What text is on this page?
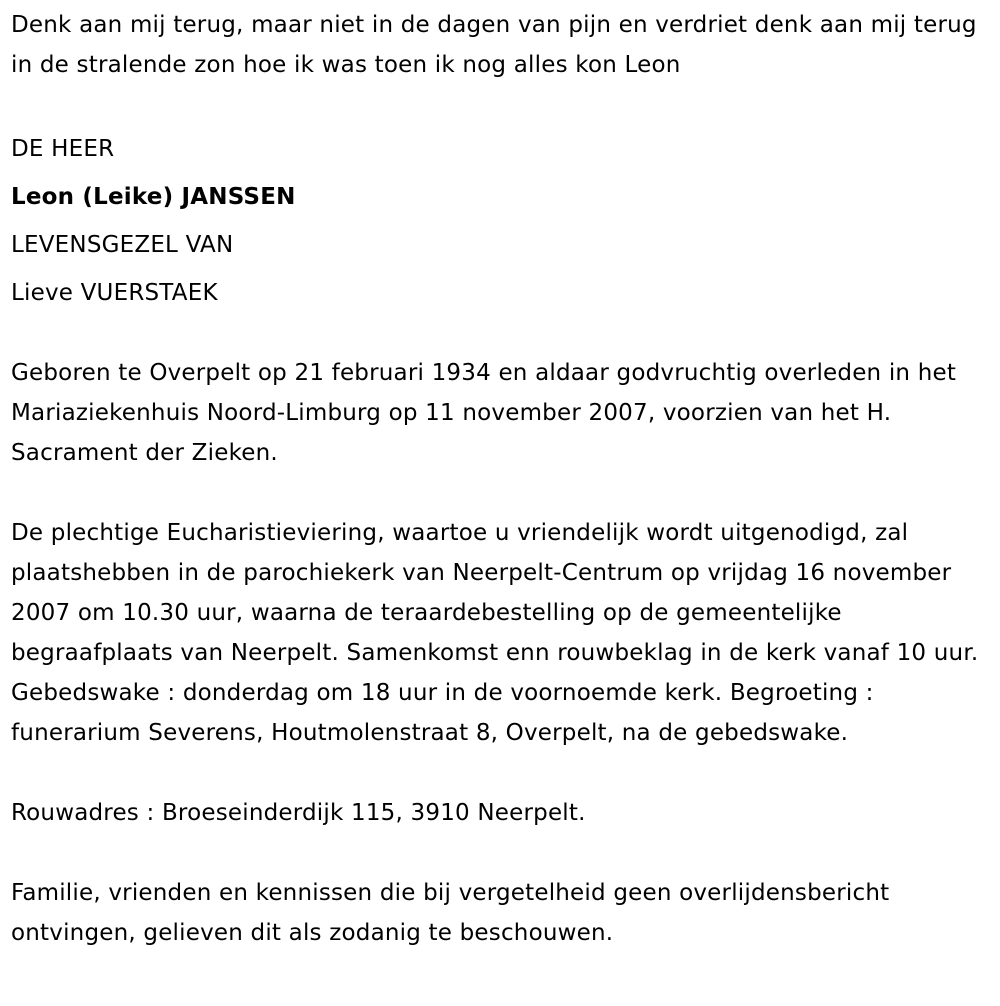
Denk aan mij terug, maar niet in de dagen van pijn en verdriet denk aan mij terug in de stralende zon hoe ik was toen ik nog alles kon Leon

DE HEER
Leon (Leike) JANSSEN
LEVENSGEZEL VAN
Lieve VUERSTAEK

Geboren te Overpelt op 21 februari 1934 en aldaar godvruchtig overleden in het Mariaziekenhuis Noord-Limburg op 11 november 2007, voorzien van het H. Sacrament der Zieken.

De plechtige Eucharistieviering, waartoe u vriendelijk wordt uitgenodigd, zal plaatshebben in de parochiekerk van Neerpelt-Centrum op vrijdag 16 november 2007 om 10.30 uur, waarna de teraardebestelling op de gemeentelijke begraafplaats van Neerpelt. Samenkomst enn rouwbeklag in de kerk vanaf 10 uur. Gebedswake : donderdag om 18 uur in de voornoemde kerk. Begroeting : funerarium Severens, Houtmolenstraat 8, Overpelt, na de gebedswake.

Rouwadres : Broeseinderdijk 115, 3910 Neerpelt.

Familie, vrienden en kennissen die bij vergetelheid geen overlijdensbericht ontvingen, gelieven dit als zodanig te beschouwen.
